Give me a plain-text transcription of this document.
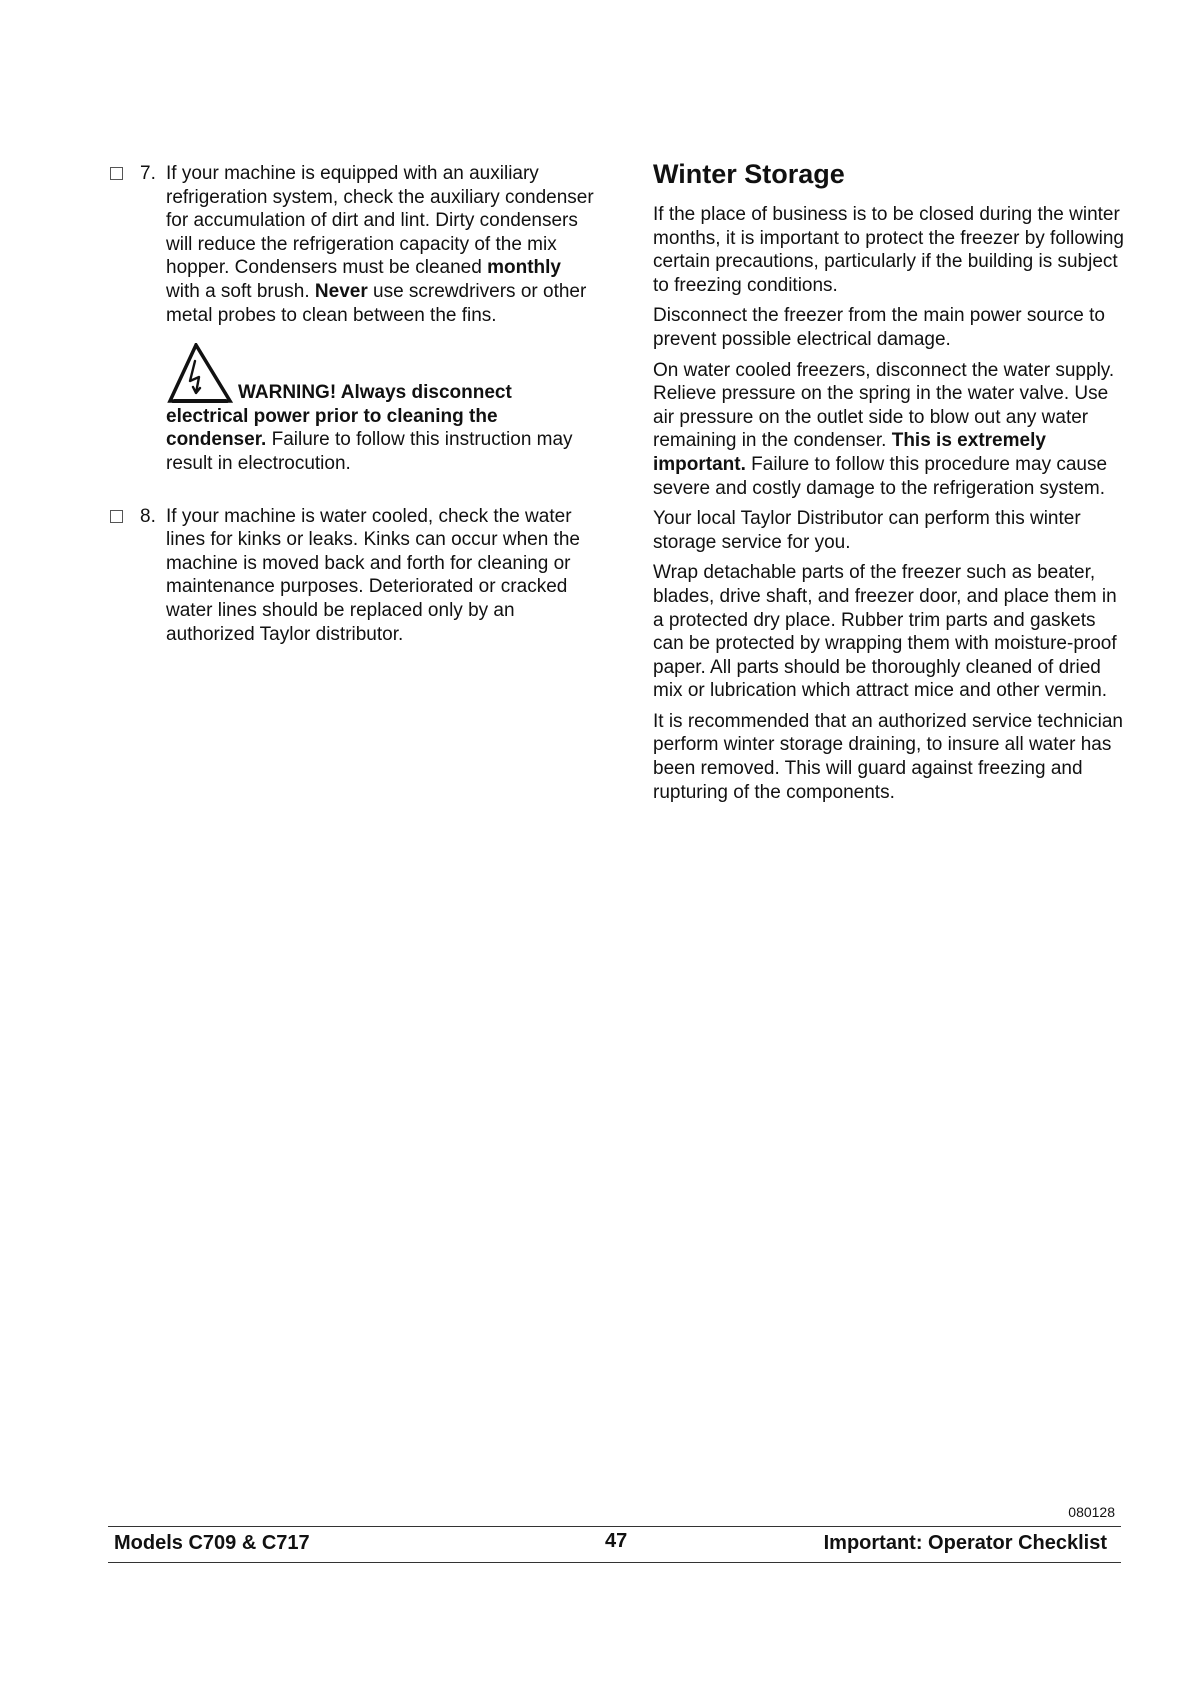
7. If your machine is equipped with an auxiliary refrigeration system, check the auxiliary condenser for accumulation of dirt and lint. Dirty condensers will reduce the refrigeration capacity of the mix hopper. Condensers must be cleaned monthly with a soft brush. Never use screwdrivers or other metal probes to clean between the fins.

WARNING! Always disconnect
electrical power prior to cleaning the condenser. Failure to follow this instruction may result in electrocution.

8. If your machine is water cooled, check the water lines for kinks or leaks. Kinks can occur when the machine is moved back and forth for cleaning or maintenance purposes. Deteriorated or cracked water lines should be replaced only by an authorized Taylor distributor.

Winter Storage

If the place of business is to be closed during the winter months, it is important to protect the freezer by following certain precautions, particularly if the building is subject to freezing conditions.

Disconnect the freezer from the main power source to prevent possible electrical damage.

On water cooled freezers, disconnect the water supply. Relieve pressure on the spring in the water valve. Use air pressure on the outlet side to blow out any water remaining in the condenser. This is extremely important. Failure to follow this procedure may cause severe and costly damage to the refrigeration system.

Your local Taylor Distributor can perform this winter storage service for you.

Wrap detachable parts of the freezer such as beater, blades, drive shaft, and freezer door, and place them in a protected dry place. Rubber trim parts and gaskets can be protected by wrapping them with moisture-proof paper. All parts should be thoroughly cleaned of dried mix or lubrication which attract mice and other vermin.

It is recommended that an authorized service technician perform winter storage draining, to insure all water has been removed. This will guard against freezing and rupturing of the components.

080128
Models C709 & C717	47	Important: Operator Checklist
